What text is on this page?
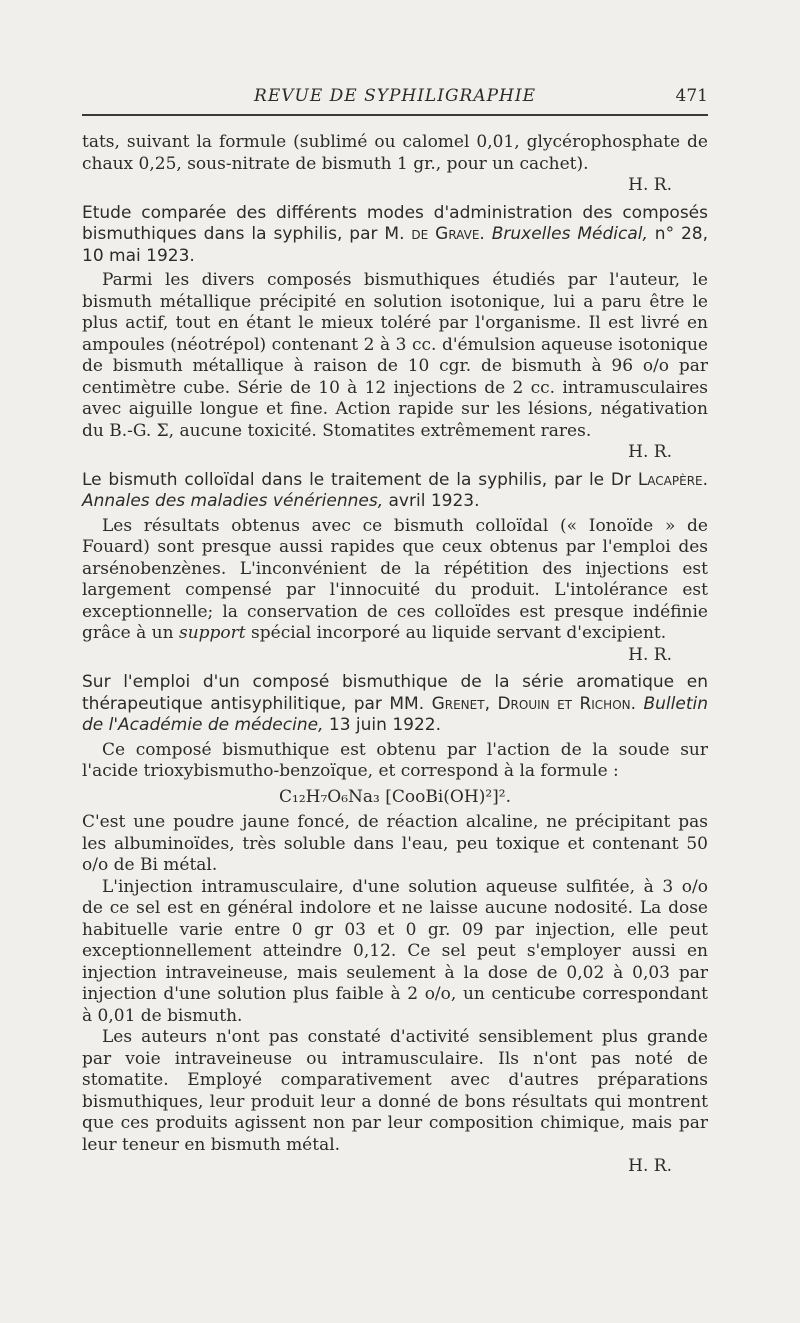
REVUE DE SYPHILIGRAPHIE	471

tats, suivant la formule (sublimé ou calomel 0,01, glycérophosphate de chaux 0,25, sous-nitrate de bismuth 1 gr., pour un cachet).

H. R.

Etude comparée des différents modes d'administration des composés bismuthiques dans la syphilis, par M. de Grave. Bruxelles Médical, n° 28, 10 mai 1923.

Parmi les divers composés bismuthiques étudiés par l'auteur, le bismuth métallique précipité en solution isotonique, lui a paru être le plus actif, tout en étant le mieux toléré par l'organisme. Il est livré en ampoules (néotrépol) contenant 2 à 3 cc. d'émulsion aqueuse isotonique de bismuth métallique à raison de 10 cgr. de bismuth à 96 o/o par centimètre cube. Série de 10 à 12 injections de 2 cc. intramusculaires avec aiguille longue et fine. Action rapide sur les lésions, négativation du B.-G. Σ, aucune toxicité. Stomatites extrêmement rares.

H. R.

Le bismuth colloïdal dans le traitement de la syphilis, par le Dr Lacapère. Annales des maladies vénériennes, avril 1923.

Les résultats obtenus avec ce bismuth colloïdal (« Ionoïde » de Fouard) sont presque aussi rapides que ceux obtenus par l'emploi des arsénobenzènes. L'inconvénient de la répétition des injections est largement compensé par l'innocuité du produit. L'intolérance est exceptionnelle; la conservation de ces colloïdes est presque indéfinie grâce à un support spécial incorporé au liquide servant d'excipient.

H. R.

Sur l'emploi d'un composé bismuthique de la série aromatique en thérapeutique antisyphilitique, par MM. Grenet, Drouin et Richon. Bulletin de l'Académie de médecine, 13 juin 1922.

Ce composé bismuthique est obtenu par l'action de la soude sur l'acide trioxybismutho-benzoïque, et correspond à la formule :

C₁₂H₇O₆Na₃ [CooBi(OH)²]².

C'est une poudre jaune foncé, de réaction alcaline, ne précipitant pas les albuminoïdes, très soluble dans l'eau, peu toxique et contenant 50 o/o de Bi métal.

L'injection intramusculaire, d'une solution aqueuse sulfitée, à 3 o/o de ce sel est en général indolore et ne laisse aucune nodosité. La dose habituelle varie entre 0 gr 03 et 0 gr. 09 par injection, elle peut exceptionnellement atteindre 0,12. Ce sel peut s'employer aussi en injection intraveineuse, mais seulement à la dose de 0,02 à 0,03 par injection d'une solution plus faible à 2 o/o, un centicube correspondant à 0,01 de bismuth.

Les auteurs n'ont pas constaté d'activité sensiblement plus grande par voie intraveineuse ou intramusculaire. Ils n'ont pas noté de stomatite. Employé comparativement avec d'autres préparations bismuthiques, leur produit leur a donné de bons résultats qui montrent que ces produits agissent non par leur composition chimique, mais par leur teneur en bismuth métal.

H. R.
